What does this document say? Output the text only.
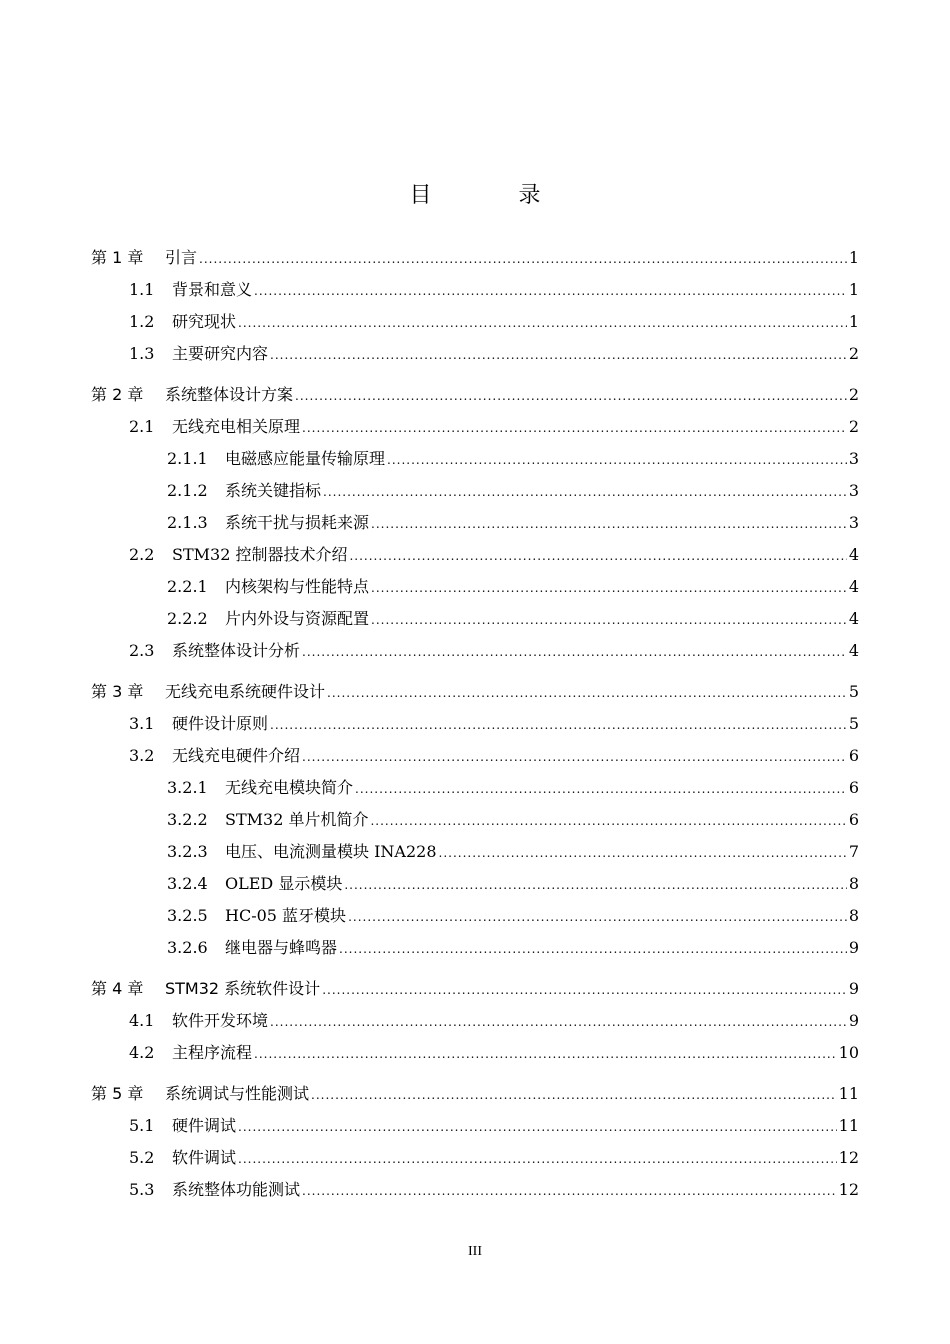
目 录
第 1 章	引言 .....	1
1.1	背景和意义 .....	1
1.2	研究现状 .....	1
1.3	主要研究内容 .....	2
第 2 章	系统整体设计方案 .....	2
2.1	无线充电相关原理 .....	2
2.1.1	电磁感应能量传输原理 .....	3
2.1.2	系统关键指标 .....	3
2.1.3	系统干扰与损耗来源 .....	3
2.2	STM32 控制器技术介绍 .....	4
2.2.1	内核架构与性能特点 .....	4
2.2.2	片内外设与资源配置 .....	4
2.3	系统整体设计分析 .....	4
第 3 章	无线充电系统硬件设计 .....	5
3.1	硬件设计原则 .....	5
3.2	无线充电硬件介绍 .....	6
3.2.1	无线充电模块简介 .....	6
3.2.2	STM32 单片机简介 .....	6
3.2.3	电压、电流测量模块 INA228 .....	7
3.2.4	OLED 显示模块 .....	8
3.2.5	HC-05 蓝牙模块 .....	8
3.2.6	继电器与蜂鸣器 .....	9
第 4 章	STM32 系统软件设计 .....	9
4.1	软件开发环境 .....	9
4.2	主程序流程 .....	10
第 5 章	系统调试与性能测试 .....	11
5.1	硬件调试 .....	11
5.2	软件调试 .....	12
5.3	系统整体功能测试 .....	12
III
